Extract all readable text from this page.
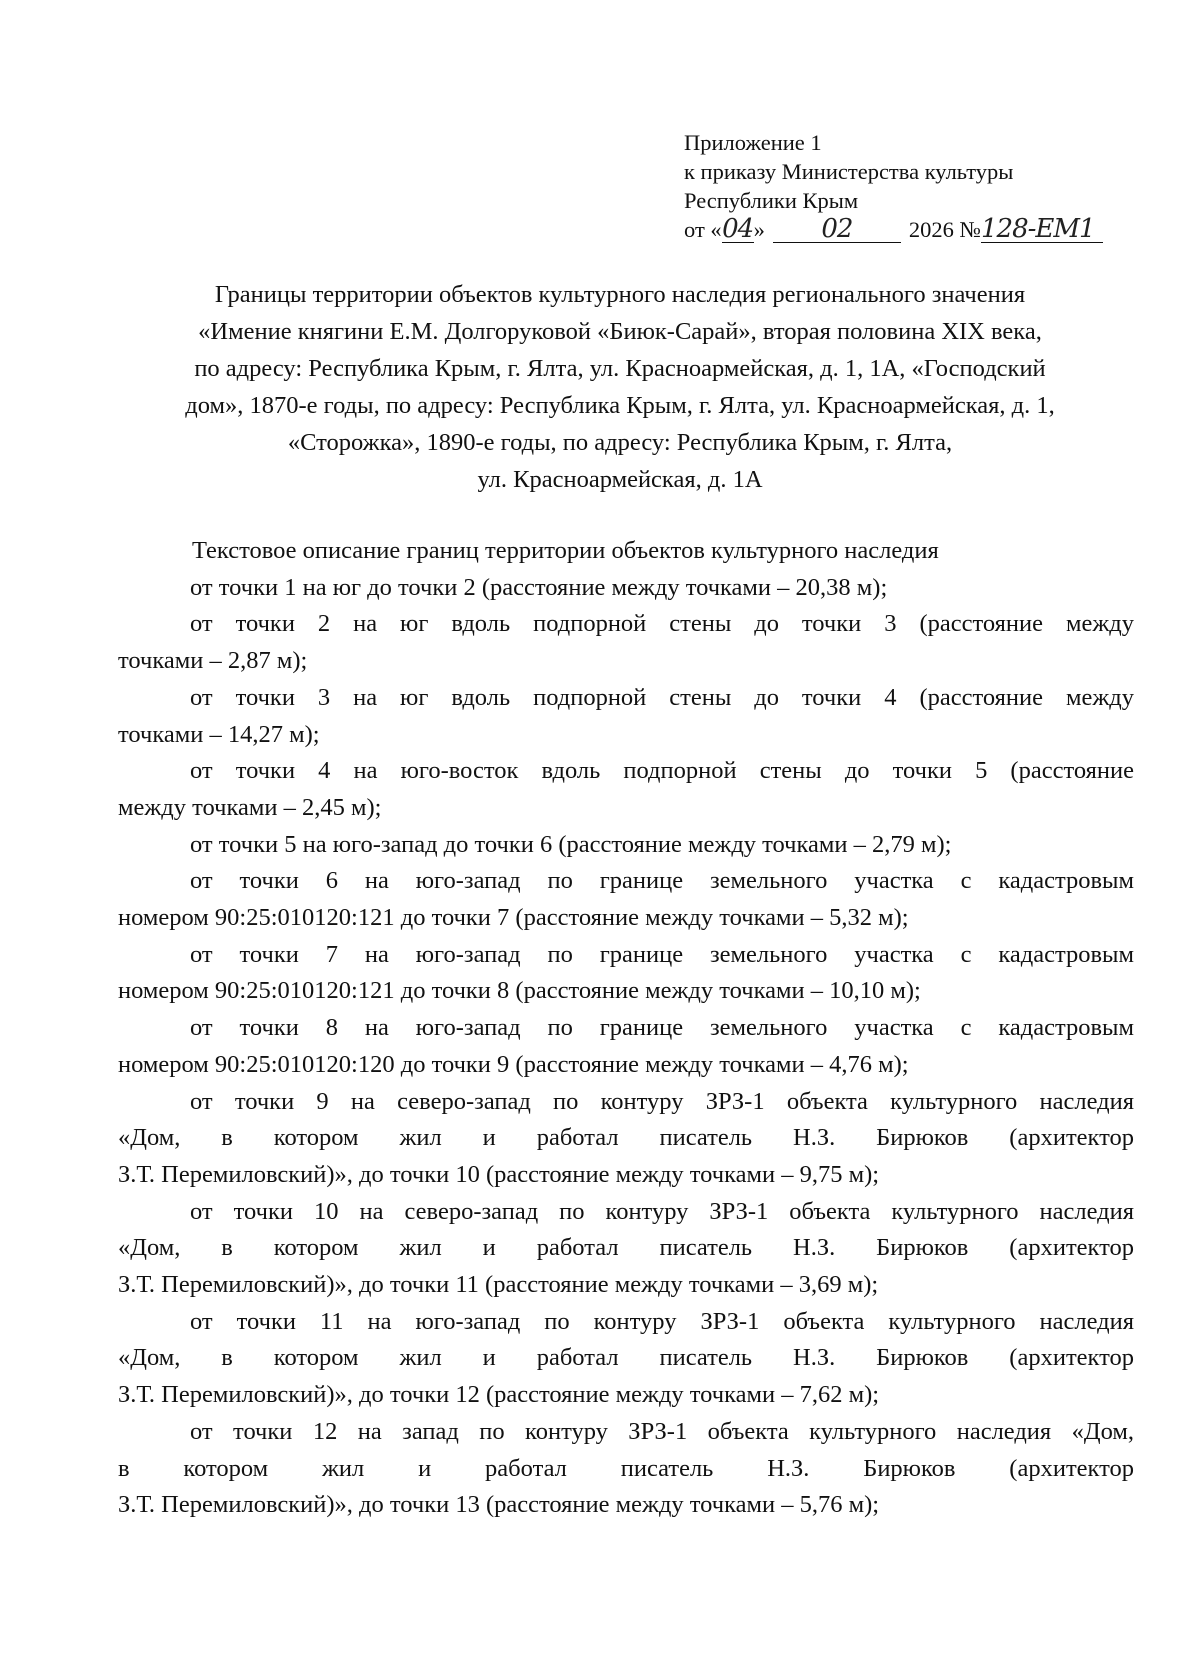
Приложение 1
к приказу Министерства культуры
Республики Крым
от «04» 02	2026 №128-ЕМ1
Границы территории объектов культурного наследия регионального значения
«Имение княгини Е.М. Долгоруковой «Биюк-Сарай», вторая половина XIX века,
по адресу: Республика Крым, г. Ялта, ул. Красноармейская, д. 1, 1А, «Господский
дом», 1870-е годы, по адресу: Республика Крым, г. Ялта, ул. Красноармейская, д. 1,
«Сторожка», 1890-е годы, по адресу: Республика Крым, г. Ялта,
ул. Красноармейская, д. 1А
Текстовое описание границ территории объектов культурного наследия

от точки 1 на юг до точки 2 (расстояние между точками – 20,38 м);

от точки 2 на юг вдоль подпорной стены до точки 3 (расстояние между
точками – 2,87 м);

от точки 3 на юг вдоль подпорной стены до точки 4 (расстояние между
точками – 14,27 м);

от точки 4 на юго-восток вдоль подпорной стены до точки 5 (расстояние
между точками – 2,45 м);

от точки 5 на юго-запад до точки 6 (расстояние между точками – 2,79 м);

от точки 6 на юго-запад по границе земельного участка с кадастровым
номером 90:25:010120:121 до точки 7 (расстояние между точками – 5,32 м);

от точки 7 на юго-запад по границе земельного участка с кадастровым
номером 90:25:010120:121 до точки 8 (расстояние между точками – 10,10 м);

от точки 8 на юго-запад по границе земельного участка с кадастровым
номером 90:25:010120:120 до точки 9 (расстояние между точками – 4,76 м);

от точки 9 на северо-запад по контуру ЗРЗ-1 объекта культурного наследия
«Дом, в котором жил и работал писатель Н.З. Бирюков (архитектор
З.Т. Перемиловский)», до точки 10 (расстояние между точками – 9,75 м);

от точки 10 на северо-запад по контуру ЗРЗ-1 объекта культурного наследия
«Дом, в котором жил и работал писатель Н.З. Бирюков (архитектор
З.Т. Перемиловский)», до точки 11 (расстояние между точками – 3,69 м);

от точки 11 на юго-запад по контуру ЗРЗ-1 объекта культурного наследия
«Дом, в котором жил и работал писатель Н.З. Бирюков (архитектор
З.Т. Перемиловский)», до точки 12 (расстояние между точками – 7,62 м);

от точки 12 на запад по контуру ЗРЗ-1 объекта культурного наследия «Дом,
в котором жил и работал писатель Н.З. Бирюков (архитектор
З.Т. Перемиловский)», до точки 13 (расстояние между точками – 5,76 м);
